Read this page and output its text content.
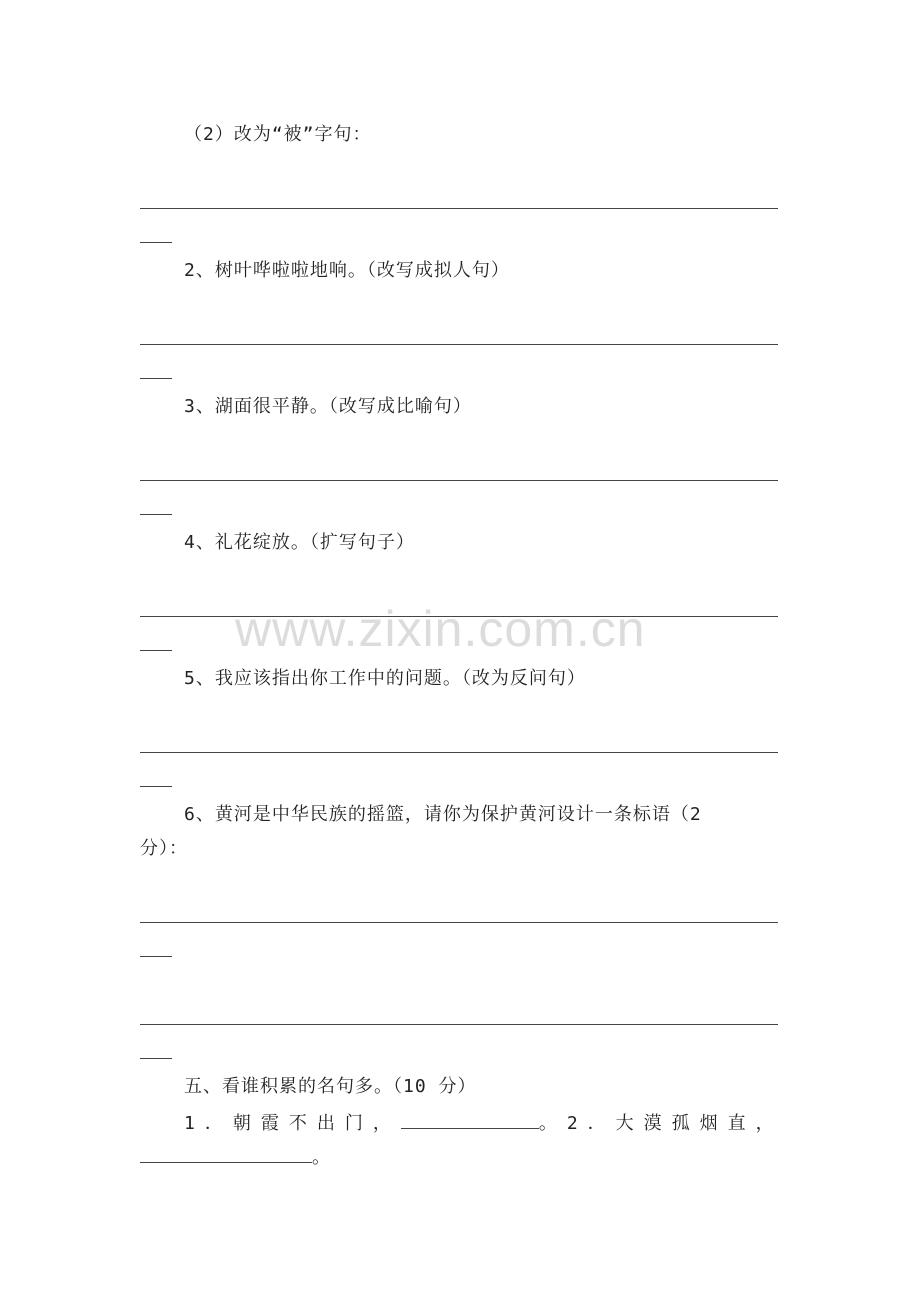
www.zixin.com.cn
（2）改为“被”字句：
2、树叶哗啦啦地响。（改写成拟人句）
3、湖面很平静。（改写成比喻句）
4、礼花绽放。（扩写句子）
5、我应该指出你工作中的问题。（改为反问句）
6、黄河是中华民族的摇篮，请你为保护黄河设计一条标语（2
分）：
五、看谁积累的名句多。（10 分）
1．朝霞不出门，	。2．大漠孤烟直，
。
